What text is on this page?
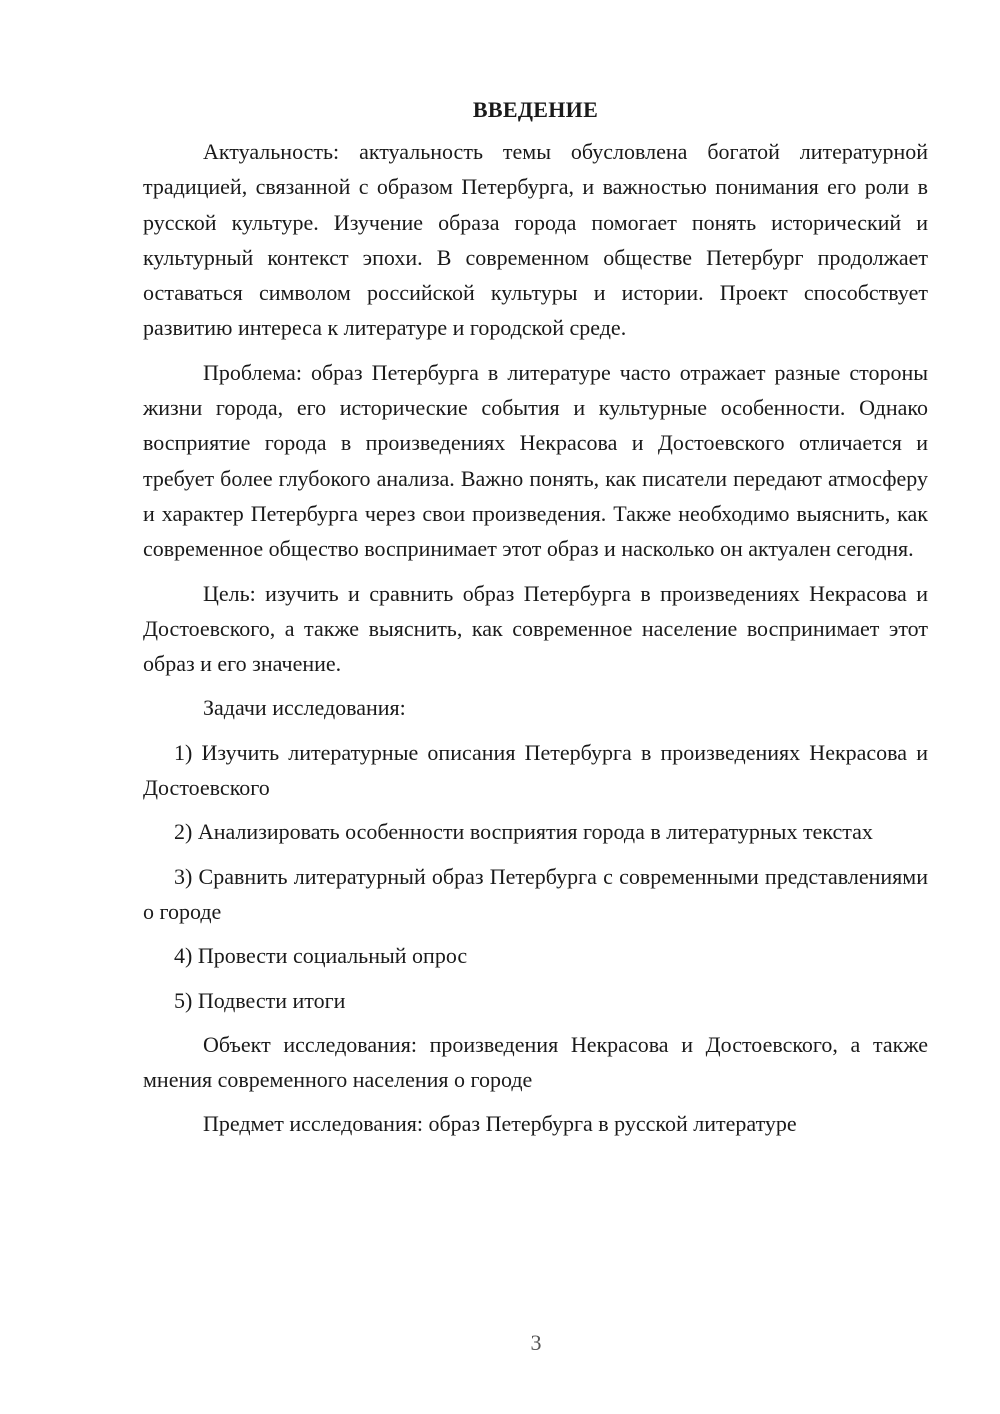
ВВЕДЕНИЕ

Актуальность: актуальность темы обусловлена богатой литературной традицией, связанной с образом Петербурга, и важностью понимания его роли в русской культуре. Изучение образа города помогает понять исторический и культурный контекст эпохи. В современном обществе Петербург продолжает оставаться символом российской культуры и истории. Проект способствует развитию интереса к литературе и городской среде.

Проблема: образ Петербурга в литературе часто отражает разные стороны жизни города, его исторические события и культурные особенности. Однако восприятие города в произведениях Некрасова и Достоевского отличается и требует более глубокого анализа. Важно понять, как писатели передают атмосферу и характер Петербурга через свои произведения. Также необходимо выяснить, как современное общество воспринимает этот образ и насколько он актуален сегодня.

Цель: изучить и сравнить образ Петербурга в произведениях Некрасова и Достоевского, а также выяснить, как современное население воспринимает этот образ и его значение.

Задачи исследования:

1) Изучить литературные описания Петербурга в произведениях Некрасова и Достоевского

2) Анализировать особенности восприятия города в литературных текстах

3) Сравнить литературный образ Петербурга с современными представлениями о городе

4) Провести социальный опрос

5) Подвести итоги

Объект исследования: произведения Некрасова и Достоевского, а также мнения современного населения о городе

Предмет исследования: образ Петербурга в русской литературе

3
